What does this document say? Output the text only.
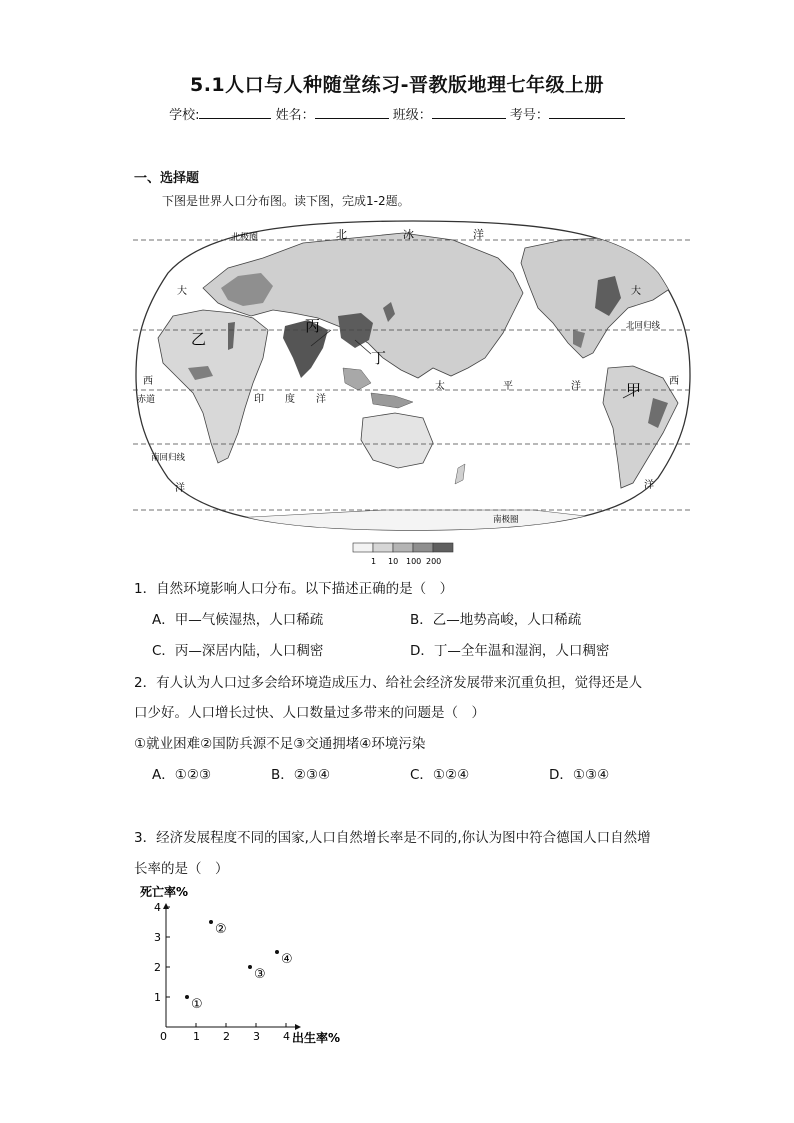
5.1人口与人种随堂练习-晋教版地理七年级上册
学校:	姓名：	班级：	考号：
一、选择题
下图是世界人口分布图。读下图，完成1-2题。
北极圈	北	冰	洋
大	大
乙
丙
丁
甲
北回归线
西	西
赤道	印 度 洋
太	平	洋
南回归线
洋	洋
南极圈
1 10 100 200
1．自然环境影响人口分布。以下描述正确的是（　）
A．甲—气候湿热，人口稀疏	B．乙—地势高峻，人口稀疏
C．丙—深居内陆，人口稠密	D．丁—全年温和湿润，人口稠密
2．有人认为人口过多会给环境造成压力、给社会经济发展带来沉重负担，觉得还是人
口少好。人口增长过快、人口数量过多带来的问题是（　）
①就业困难②国防兵源不足③交通拥堵④环境污染
A．①②③	B．②③④	C．①②④	D．①③④
3．经济发展程度不同的国家,人口自然增长率是不同的,你认为图中符合德国人口自然增
长率的是（　）
死亡率%
0 1 2 3 4
1
2
3
4
①
②
③
④
出生率%
